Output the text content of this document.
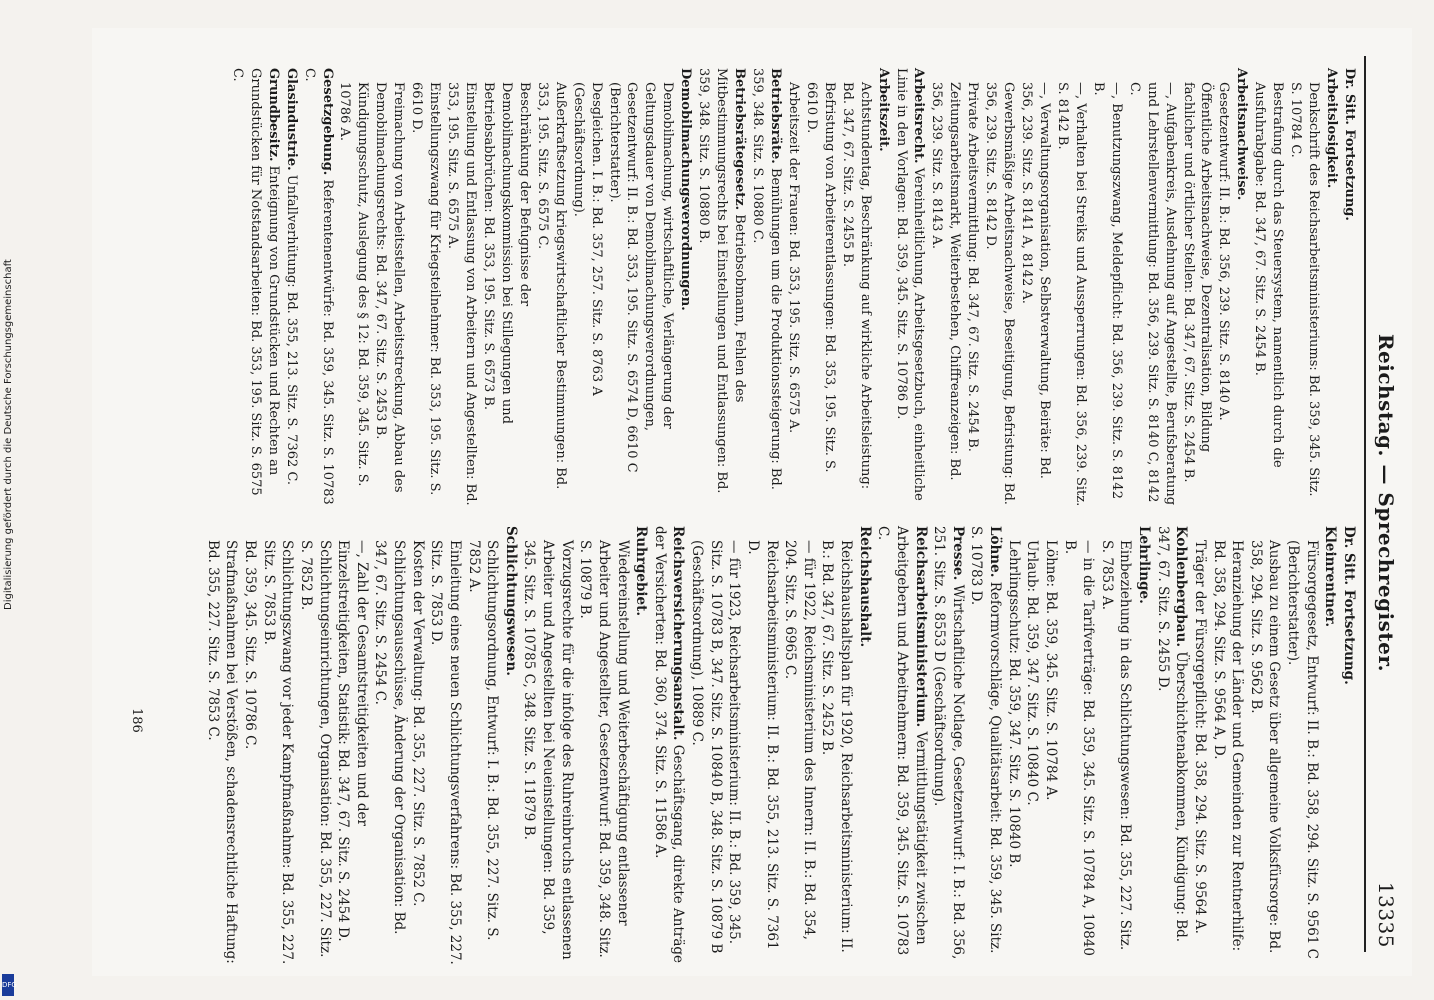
Digitalisierung gefördert durch die Deutsche Forschungsgemeinschaft
DFG
Reichstag. — Sprechregister.
13335

Dr. Sitt. Fortsetzung.

Arbeitslosigkeit.

Denkschrift des Reichsarbeitsministeriums: Bd. 359, 345. Sitz. S. 10784 C.

Bestrafung durch das Steuersystem, namentlich durch die Ausfuhrabgabe: Bd. 347, 67. Sitz. S. 2454 B.

Arbeitsnachweise.

Gesetzentwurf: II. B.: Bd. 356, 239. Sitz. S. 8140 A.

Öffentliche Arbeitsnachweise, Dezentralisation, Bildung fachlicher und örtlicher Stellen: Bd. 347, 67. Sitz. S. 2454 B.

—, Aufgabenkreis, Ausdehnung auf Angestellte, Berufsberatung und Lehrstellenvermittlung: Bd. 356, 239. Sitz. S. 8140 C, 8142 C.

—, Benutzungszwang, Meldepflicht: Bd. 356, 239. Sitz. S. 8142 B.

—, Verhalten bei Streiks und Aussperrungen: Bd. 356, 239. Sitz. S. 8142 B.

—, Verwaltungsorganisation, Selbstverwaltung, Beiräte: Bd. 356, 239. Sitz. S. 8141 A, 8142 A.

Gewerbsmäßige Arbeitsnachweise, Beseitigung, Befristung: Bd. 356, 239. Sitz. S. 8142 D.

Private Arbeitsvermittlung: Bd. 347, 67. Sitz. S. 2454 B.

Zeitungsarbeitsmarkt, Weiterbestehen, Chiffreanzeigen: Bd. 356, 239. Sitz. S. 8143 A.

Arbeitsrecht. Vereinheitlichung, Arbeitsgesetzbuch, einheitliche Linie in den Vorlagen: Bd. 359, 345. Sitz. S. 10786 D.

Arbeitszeit.

Achtstundentag, Beschränkung auf wirkliche Arbeitsleistung: Bd. 347, 67. Sitz. S. 2455 B.

Befristung von Arbeiterentlassungen: Bd. 353, 195. Sitz. S. 6610 D.

Arbeitszeit der Frauen: Bd. 353, 195. Sitz. S. 6575 A.

Betriebsräte. Bemühungen um die Produktionssteigerung: Bd. 359, 348. Sitz. S. 10880 C.

Betriebsrätegesetz. Betriebsobmann, Fehlen des Mitbestimmungsrechts bei Einstellungen und Entlassungen: Bd. 359, 348. Sitz. S. 10880 B.

Demobilmachungsverordnungen.

Demobilmachung, wirtschaftliche, Verlängerung der Geltungsdauer von Demobilmachungsverordnungen, Gesetzentwurf: II. B.: Bd. 353, 195. Sitz. S. 6574 D, 6610 C (Berichterstatter).

Desgleichen. I. B.: Bd. 357, 257. Sitz. S. 8763 A (Geschäftsordnung).

Außerkraftsetzung kriegswirtschaftlicher Bestimmungen: Bd. 353, 195. Sitz. S. 6575 C.

Beschränkung der Befugnisse der Demobilmachungskommission bei Stillegungen und Betriebsabbrüchen: Bd. 353, 195. Sitz. S. 6573 B.

Einstellung und Entlassung von Arbeitern und Angestellten: Bd. 353, 195. Sitz. S. 6575 A.

Einstellungszwang für Kriegsteilnehmer: Bd. 353, 195. Sitz. S. 6610 D.

Freimachung von Arbeitsstellen, Arbeitsstreckung, Abbau des Demobilmachungsrechts: Bd. 347, 67. Sitz. S. 2453 B.

Kündigungsschutz, Auslegung des § 12: Bd. 359, 345. Sitz. S. 10786 A.

Gesetzgebung. Referentenentwürfe: Bd. 359, 345. Sitz. S. 10783 C.

Glasindustrie. Unfallverhütung: Bd. 355, 213. Sitz. S. 7362 C.

Grundbesitz. Enteignung von Grundstücken und Rechten an Grundstücken für Notstandsarbeiten: Bd. 353, 195. Sitz. S. 6575 C.

Dr. Sitt. Fortsetzung.

Kleinrentner.

Fürsorgegesetz, Entwurf: II. B.: Bd. 358, 294. Sitz. S. 9561 C (Berichterstatter).

Ausbau zu einem Gesetz über allgemeine Volksfürsorge: Bd. 358, 294. Sitz. S. 9562 B.

Heranziehung der Länder und Gemeinden zur Rentnerhilfe: Bd. 358, 294. Sitz. S. 9564 A, D.

Träger der Fürsorgepflicht: Bd. 358, 294. Sitz. S. 9564 A.

Kohlenbergbau. Überschichtenabkommen, Kündigung: Bd. 347, 67. Sitz. S. 2455 D.

Lehrlinge.

Einbeziehung in das Schlichtungswesen: Bd. 355, 227. Sitz. S. 7853 A.

— in die Tarifverträge: Bd. 359, 345. Sitz. S. 10784 A, 10840 B.

Löhne: Bd. 359, 345. Sitz. S. 10784 A.

Urlaub: Bd. 359, 347. Sitz. S. 10840 C.

Lehrlingsschutz: Bd. 359, 347. Sitz. S. 10840 B.

Löhne. Reformvorschläge, Qualitätsarbeit: Bd. 359, 345. Sitz. S. 10783 D.

Presse. Wirtschaftliche Notlage, Gesetzentwurf: I. B.: Bd. 356, 251. Sitz. S. 8553 D (Geschäftsordnung).

Reichsarbeitsministerium. Vermittlungstätigkeit zwischen Arbeitgebern und Arbeitnehmern: Bd. 359, 345. Sitz. S. 10783 C.

Reichshaushalt.

Reichshaushaltsplan für 1920, Reichsarbeitsministerium: II. B.: Bd. 347, 67. Sitz. S. 2452 B.

— für 1922, Reichsministerium des Innern: II. B.: Bd. 354, 204. Sitz. S. 6965 C.

Reichsarbeitsministerium: II. B.: Bd. 355, 213. Sitz. S. 7361 D.

— für 1923, Reichsarbeitsministerium: II. B.: Bd. 359, 345. Sitz. S. 10783 B, 347. Sitz. S. 10840 B, 348. Sitz. S. 10879 B (Geschäftsordnung), 10889 C.

Reichsversicherungsanstalt. Geschäftsgang, direkte Anträge der Versicherten: Bd. 360, 374. Sitz. S. 11586 A.

Ruhrgebiet.

Wiedereinstellung und Weiterbeschäftigung entlassener Arbeiter und Angestellter, Gesetzentwurf: Bd. 359, 348. Sitz. S. 10879 B.

Vorzugsrechte für die infolge des Ruhreinbruchs entlassenen Arbeiter und Angestellten bei Neueinstellungen: Bd. 359, 345. Sitz. S. 10785 C, 348. Sitz. S. 11879 B.

Schlichtungswesen.

Schlichtungsordnung, Entwurf: I. B.: Bd. 355, 227. Sitz. S. 7852 A.

Einleitung eines neuen Schlichtungsverfahrens: Bd. 355, 227. Sitz. S. 7853 D.

Kosten der Verwaltung: Bd. 355, 227. Sitz. S. 7852 C.

Schlichtungsausschüsse, Änderung der Organisation: Bd. 347, 67. Sitz. S. 2454 C.

—, Zahl der Gesamtstreitigkeiten und der Einzelstreitigkeiten, Statistik: Bd. 347, 67. Sitz. S. 2454 D.

Schlichtungseinrichtungen, Organisation: Bd. 355, 227. Sitz. S. 7852 B.

Schlichtungszwang vor jeder Kampfmaßnahme: Bd. 355, 227. Sitz. S. 7853 B.

Bd. 359, 345. Sitz. S. 10786 C.

Strafmaßnahmen bei Verstößen, schadensrechtliche Haftung: Bd. 355, 227. Sitz. S. 7853 C.

186
